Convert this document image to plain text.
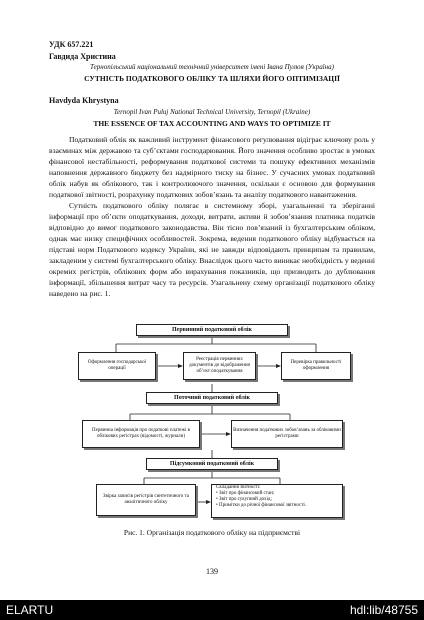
УДК 657.221
Гавдида Христина
Тернопільський національний технічний університет імені Івана Пулюя (Україна)
СУТНІСТЬ ПОДАТКОВОГО ОБЛІКУ ТА ШЛЯХИ ЙОГО ОПТИМІЗАЦІЇ
Havdyda Khrystyna
Ternopil Ivan Puluj National Technical University, Ternopil (Ukraine)
THE ESSENCE OF TAX ACCOUNTING AND WAYS TO OPTIMIZE IT

Податковий облік як важливий інструмент фінансового регулювання відіграє ключову роль у взаєминах між державою та суб’єктами господарювання. Його значення особливо зростає в умовах фінансової нестабільності, реформування податкової системи та пошуку ефективних механізмів наповнення державного бюджету без надмірного тиску на бізнес. У сучасних умовах податковий облік набув як облікового, так і контролюючого значення, оскільки є основою для формування податкової звітності, розрахунку податкових зобов’язань та аналізу податкового навантаження.

Сутність податкового обліку полягає в системному зборі, узагальненні та зберіганні інформації про об’єкти оподаткування, доходи, витрати, активи й зобов’язання платника податків відповідно до вимог податкового законодавства. Він тісно пов’язаний із бухгалтерським обліком, однак має низку специфічних особливостей. Зокрема, ведення податкового обліку відбувається на підставі норм Податкового кодексу України, які не завжди відповідають принципам та правилам, закладеним у системі бухгалтерського обліку. Внаслідок цього часто виникає необхідність у веденні окремих регістрів, облікових форм або вирахування показників, що призводить до дублювання інформації, збільшення витрат часу та ресурсів. Узагальнену схему організації податкового обліку наведено на рис. 1.

Первинний податковий облік
Оформлення господарської операції
Реєстрація первинних документів до відображення об’єкт оподаткування
Перевірка правильності оформлення
Поточний податковий облік
Первинна інформація про податкові платежі в облікових регістрах (відомості, журнали)
Визначення податкових зобов’язань за обліковими регістрами
Підсумковий податковий облік
Звірка записів регістрів синтетичного та аналітичного обліку
Складання звітності:
• Звіт про фінансовий стан;
• Звіт про сукупний дохід;
• Примітки до річної фінансової звітності.
Рис. 1. Організація податкового обліку на підприємстві
139
ELARTU	hdl:lib/48755
